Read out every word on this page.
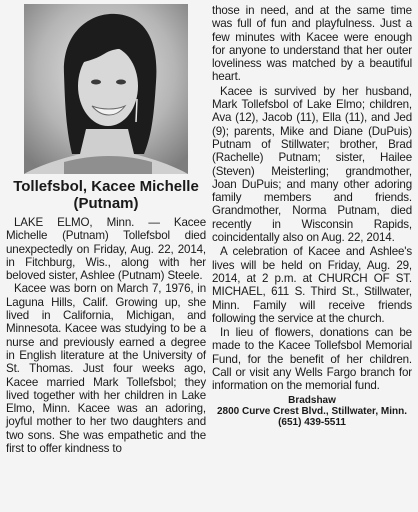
Tollefsbol, Kacee Michelle
(Putnam)

LAKE ELMO, Minn. — Kacee Michelle (Putnam) Tollefsbol died unexpectedly on Friday, Aug. 22, 2014, in Fitchburg, Wis., along with her beloved sister, Ashlee (Putnam) Steele.

Kacee was born on March 7, 1976, in Laguna Hills, Calif. Growing up, she lived in California, Michigan, and Minnesota. Kacee was studying to be a nurse and previously earned a degree in English literature at the University of St. Thomas. Just four weeks ago, Kacee married Mark Tollefsbol; they lived together with her children in Lake Elmo, Minn. Kacee was an adoring, joyful mother to her two daughters and two sons. She was empathetic and the first to offer kindness to

those in need, and at the same time was full of fun and playfulness. Just a few minutes with Kacee were enough for anyone to understand that her outer loveliness was matched by a beautiful heart.

Kacee is survived by her husband, Mark Tollefsbol of Lake Elmo; children, Ava (12), Jacob (11), Ella (11), and Jed (9); parents, Mike and Diane (DuPuis) Putnam of Stillwater; brother, Brad (Rachelle) Putnam; sister, Hailee (Steven) Meisterling; grandmother, Joan DuPuis; and many other adoring family members and friends. Grandmother, Norma Putnam, died recently in Wisconsin Rapids, coincidentally also on Aug. 22, 2014.

A celebration of Kacee and Ashlee's lives will be held on Friday, Aug. 29, 2014, at 2 p.m. at CHURCH OF ST. MICHAEL, 611 S. Third St., Stillwater, Minn. Family will receive friends following the service at the church.

In lieu of flowers, donations can be made to the Kacee Tollefsbol Memorial Fund, for the benefit of her children. Call or visit any Wells Fargo branch for information on the memorial fund.

Bradshaw
2800 Curve Crest Blvd., Stillwater, Minn.
(651) 439-5511
